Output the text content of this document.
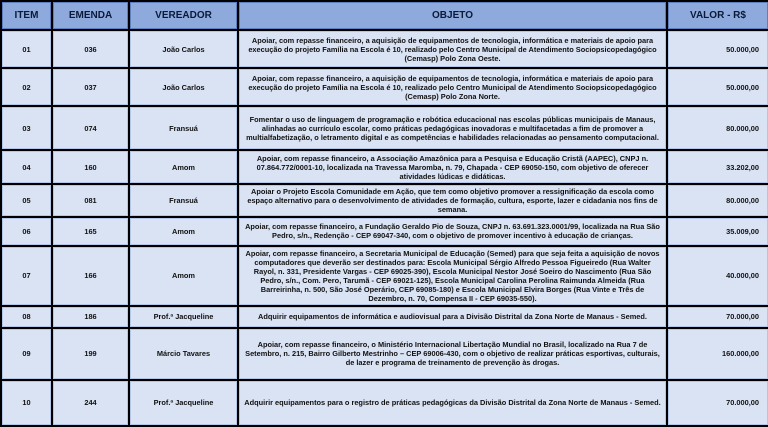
ITEM	EMENDA	VEREADOR	OBJETO	VALOR - R$
01	036	João Carlos	Apoiar, com repasse financeiro, a aquisição de equipamentos de tecnologia, informática e materiais de apoio para execução do projeto Família na Escola é 10, realizado pelo Centro Municipal de Atendimento Sociopsicopedagógico (Cemasp) Polo Zona Oeste.	50.000,00
02	037	João Carlos	Apoiar, com repasse financeiro, a aquisição de equipamentos de tecnologia, informática e materiais de apoio para execução do projeto Família na Escola é 10, realizado pelo Centro Municipal de Atendimento Sociopsicopedagógico (Cemasp) Polo Zona Norte.	50.000,00
03	074	Fransuá	Fomentar o uso de linguagem de programação e robótica educacional nas escolas públicas municipais de Manaus, alinhadas ao currículo escolar, como práticas pedagógicas inovadoras e multifacetadas a fim de promover a multialfabetização, o letramento digital e as competências e habilidades relacionadas ao pensamento computacional.	80.000,00
04	160	Amom	Apoiar, com repasse financeiro, a Associação Amazônica para a Pesquisa e Educação Cristã (AAPEC), CNPJ n. 07.864.772/0001-10, localizada na Travessa Maromba, n. 79, Chapada - CEP 69050-150, com objetivo de oferecer atividades lúdicas e didáticas.	33.202,00
05	081	Fransuá	Apoiar o Projeto Escola Comunidade em Ação, que tem como objetivo promover a ressignificação da escola como espaço alternativo para o desenvolvimento de atividades de formação, cultura, esporte, lazer e cidadania nos fins de semana.	80.000,00
06	165	Amom	Apoiar, com repasse financeiro, a Fundação Geraldo Pio de Souza, CNPJ n. 63.691.323.0001/99, localizada na Rua São Pedro, s/n., Redenção - CEP 69047-340, com o objetivo de promover incentivo à educação de crianças.	35.009,00
07	166	Amom	Apoiar, com repasse financeiro, a Secretaria Municipal de Educação (Semed) para que seja feita a aquisição de novos computadores que deverão ser destinados para: Escola Municipal Sérgio Alfredo Pessoa Figueiredo (Rua Walter Rayol, n. 331, Presidente Vargas - CEP 69025-390), Escola Municipal Nestor José Soeiro do Nascimento (Rua São Pedro, s/n., Com. Pero, Tarumã - CEP 69021-125), Escola Municipal Carolina Perolina Raimunda Almeida (Rua Barreirinha, n. 500, São José Operário, CEP 69085-180) e Escola Municipal Elvira Borges (Rua Vinte e Três de Dezembro, n. 70, Compensa II - CEP 69035-550).	40.000,00
08	186	Prof.ª Jacqueline	Adquirir equipamentos de informática e audiovisual para a Divisão Distrital da Zona Norte de Manaus - Semed.	70.000,00
09	199	Márcio Tavares	Apoiar, com repasse financeiro, o Ministério Internacional Libertação Mundial no Brasil, localizado na Rua 7 de Setembro, n. 215, Bairro Gilberto Mestrinho – CEP 69006-430, com o objetivo de realizar práticas esportivas, culturais, de lazer e programa de treinamento de prevenção às drogas.	160.000,00
10	244	Prof.ª Jacqueline	Adquirir equipamentos para o registro de práticas pedagógicas da Divisão Distrital da Zona Norte de Manaus - Semed.	70.000,00
